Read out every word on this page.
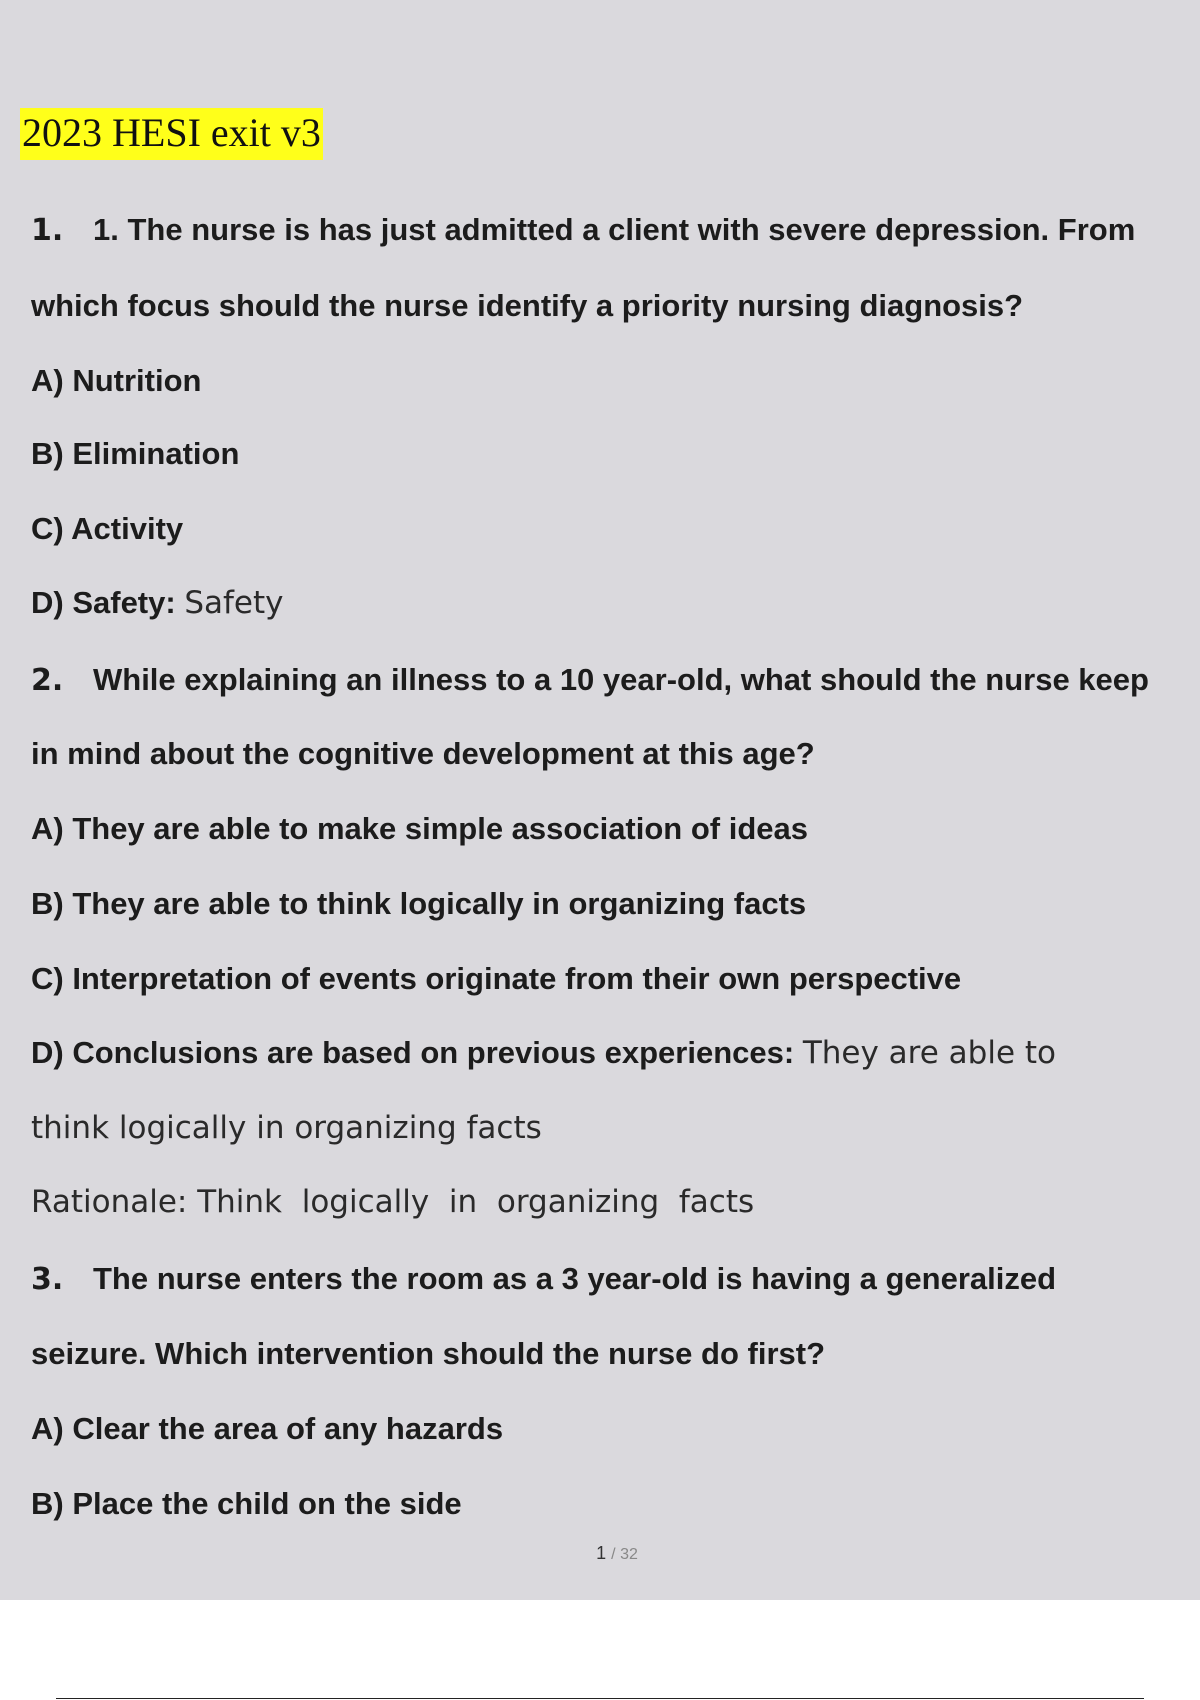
2023 HESI exit v3

1. 1. The nurse is has just admitted a client with severe depression. From

which focus should the nurse identify a priority nursing diagnosis?

A) Nutrition

B) Elimination

C) Activity

D) Safety: Safety

2. While explaining an illness to a 10 year-old, what should the nurse keep

in mind about the cognitive development at this age?

A) They are able to make simple association of ideas

B) They are able to think logically in organizing facts

C) Interpretation of events originate from their own perspective

D) Conclusions are based on previous experiences: They are able to

think logically in organizing facts

Rationale: Think  logically  in  organizing  facts

3. The nurse enters the room as a 3 year-old is having a generalized

seizure. Which intervention should the nurse do first?

A) Clear the area of any hazards

B) Place the child on the side

1 / 32
